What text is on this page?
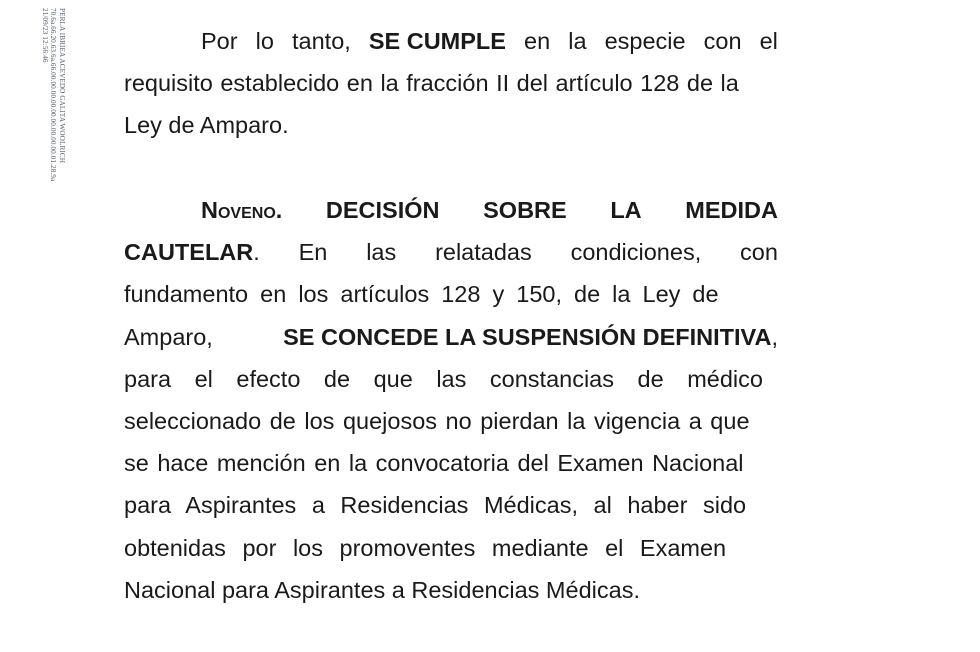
PERLA IBRIEA ACEVEDO GALITA WOOLRICH
70.6a.66.20.63.6a.66.00.00.00.00.00.00.00.00.00.01.28.9a
21/09/23 12:56:46	Por lo tanto, SE CUMPLE en la especie con el
requisito establecido en la fracción II del artículo 128 de la
Ley de Amparo.
Noveno. DECISIÓN SOBRE LA MEDIDA
CAUTELAR. En las relatadas condiciones, con
fundamento en los artículos 128 y 150, de la Ley de
Amparo,	SE CONCEDE LA SUSPENSIÓN DEFINITIVA,
para el efecto de que las constancias de médico
seleccionado de los quejosos no pierdan la vigencia a que
se hace mención en la convocatoria del Examen Nacional
para Aspirantes a Residencias Médicas, al haber sido
obtenidas por los promoventes mediante el Examen
Nacional para Aspirantes a Residencias Médicas.
